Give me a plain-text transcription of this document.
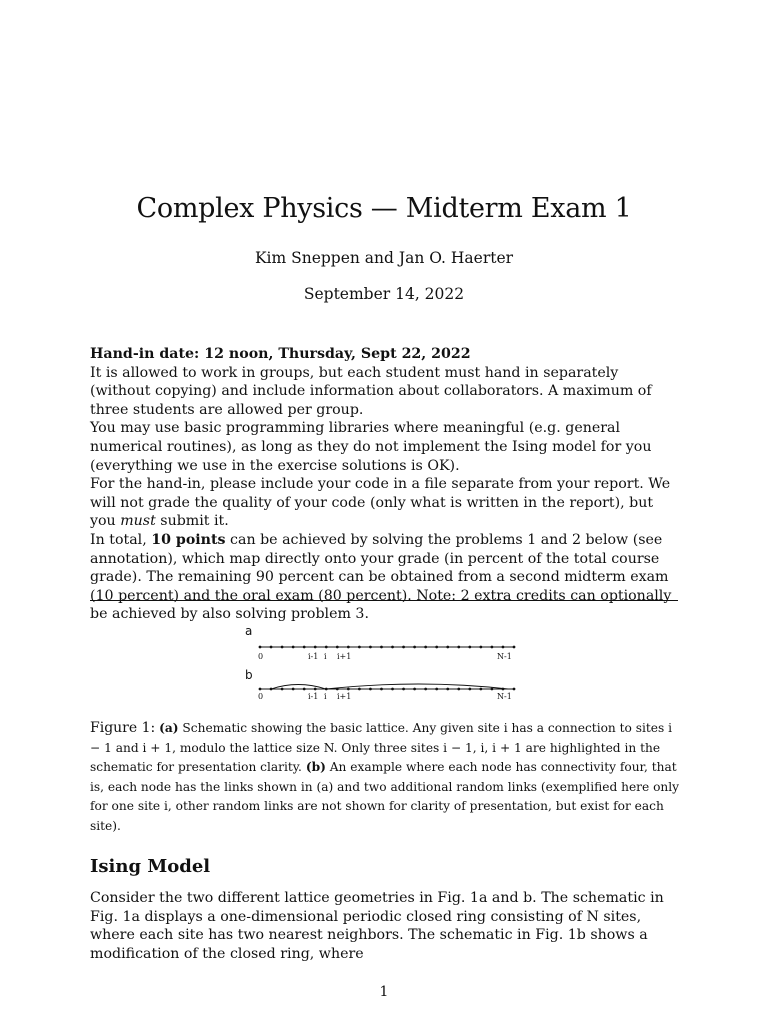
Complex Physics — Midterm Exam 1
Kim Sneppen and Jan O. Haerter
September 14, 2022
Hand-in date: 12 noon, Thursday, Sept 22, 2022
It is allowed to work in groups, but each student must hand in separately (without copying) and include information about collaborators. A maximum of three students are allowed per group.
You may use basic programming libraries where meaningful (e.g. general numerical routines), as long as they do not implement the Ising model for you (everything we use in the exercise solutions is OK).
For the hand-in, please include your code in a file separate from your report. We will not grade the quality of your code (only what is written in the report), but you must submit it.
In total, 10 points can be achieved by solving the problems 1 and 2 below (see annotation), which map directly onto your grade (in percent of the total course grade). The remaining 90 percent can be obtained from a second midterm exam (10 percent) and the oral exam (80 percent). Note: 2 extra credits can optionally be achieved by also solving problem 3.
a
0	i-1 i i+1	N-1
b
0	i-1 i i+1	N-1
Figure 1: (a) Schematic showing the basic lattice. Any given site i has a connection to sites i − 1 and i + 1, modulo the lattice size N. Only three sites i − 1, i, i + 1 are highlighted in the schematic for presentation clarity. (b) An example where each node has connectivity four, that is, each node has the links shown in (a) and two additional random links (exemplified here only for one site i, other random links are not shown for clarity of presentation, but exist for each site).
Ising Model
Consider the two different lattice geometries in Fig. 1a and b. The schematic in Fig. 1a displays a one-dimensional periodic closed ring consisting of N sites, where each site has two nearest neighbors. The schematic in Fig. 1b shows a modification of the closed ring, where
1
